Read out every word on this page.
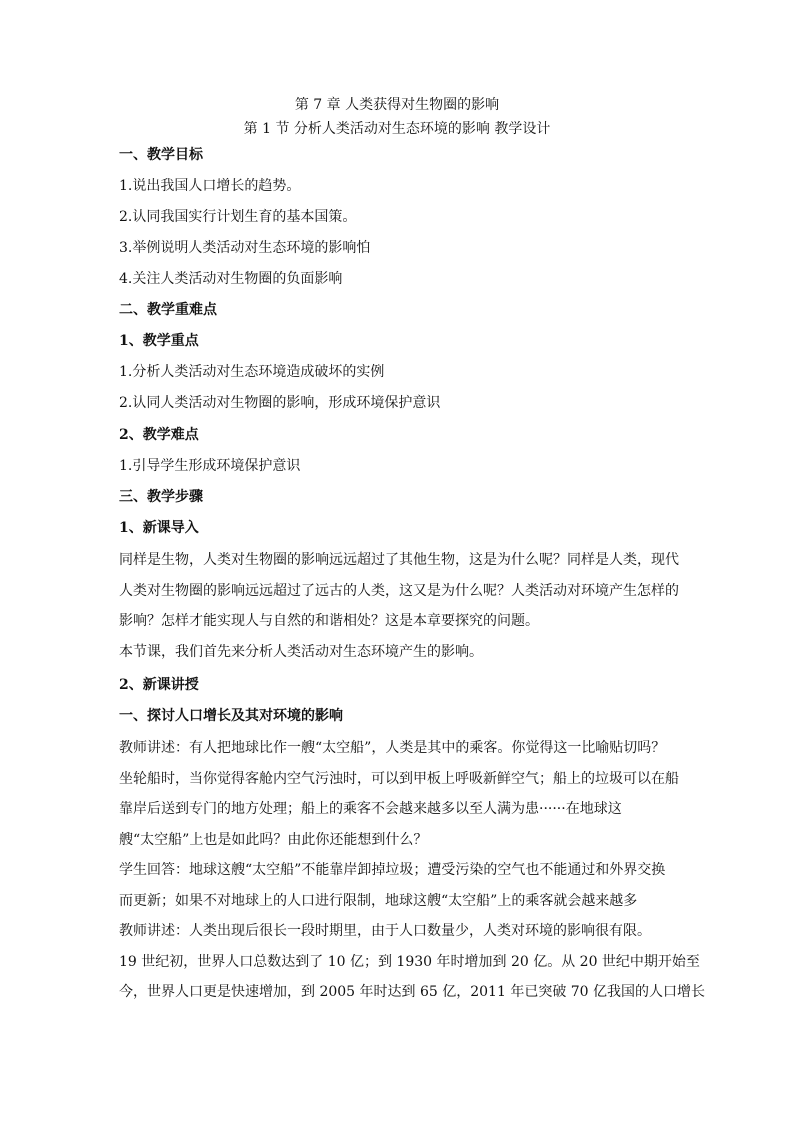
第 7 章 人类获得对生物圈的影响
第 1 节 分析人类活动对生态环境的影响 教学设计
一、教学目标
1.说出我国人口增长的趋势。
2.认同我国实行计划生育的基本国策。
3.举例说明人类活动对生态环境的影响怕
4.关注人类活动对生物圈的负面影响
二、教学重难点
1、教学重点
1.分析人类活动对生态环境造成破坏的实例
2.认同人类活动对生物圈的影响，形成环境保护意识
2、教学难点
1.引导学生形成环境保护意识
三、教学步骤
1、新课导入
同样是生物，人类对生物圈的影响远远超过了其他生物，这是为什么呢？同样是人类，现代
人类对生物圈的影响远远超过了远古的人类，这又是为什么呢？人类活动对环境产生怎样的
影响？怎样才能实现人与自然的和谐相处？这是本章要探究的问题。
本节课，我们首先来分析人类活动对生态环境产生的影响。
2、新课讲授
一、探讨人口增长及其对环境的影响
教师讲述：有人把地球比作一艘“太空船”，人类是其中的乘客。你觉得这一比喻贴切吗？
坐轮船时，当你觉得客舱内空气污浊时，可以到甲板上呼吸新鲜空气；船上的垃圾可以在船
靠岸后送到专门的地方处理；船上的乘客不会越来越多以至人满为患······在地球这
艘“太空船”上也是如此吗？由此你还能想到什么？
学生回答：地球这艘“太空船”不能靠岸卸掉垃圾；遭受污染的空气也不能通过和外界交换
而更新；如果不对地球上的人口进行限制，地球这艘“太空船”上的乘客就会越来越多
教师讲述：人类出现后很长一段时期里，由于人口数量少，人类对环境的影响很有限。
19 世纪初，世界人口总数达到了 10 亿；到 1930 年时增加到 20 亿。从 20 世纪中期开始至
今，世界人口更是快速增加，到 2005 年时达到 65 亿，2011 年已突破 70 亿我国的人口增长
